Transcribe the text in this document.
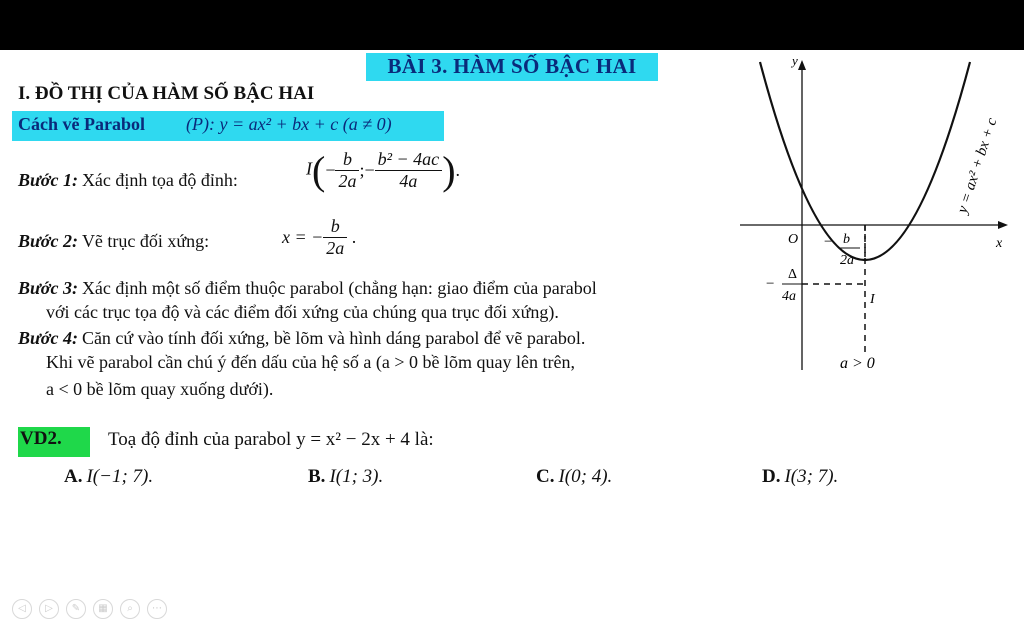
BÀI 3. HÀM SỐ BẬC HAI
I. ĐỒ THỊ CỦA HÀM SỐ BẬC HAI
Cách vẽ Parabol (P): y = ax² + bx + c (a ≠ 0)
Bước 1: Xác định tọa độ đỉnh:
$I(- \frac{b}{2a}$ ;− $\frac{\text{b² − 4ac}}{4a}$ ).
Bước 2: Vẽ trục đối xứng:	x = − $\frac{b}{2a}$ .
Bước 3: Xác định một số điểm thuộc parabol (chẳng hạn: giao điểm của parabol
với các trục tọa độ và các điểm đối xứng của chúng qua trục đối xứng).
Bước 4: Căn cứ vào tính đối xứng, bề lõm và hình dáng parabol để vẽ parabol.
Khi vẽ parabol cần chú ý đến dấu của hệ số a (a > 0 bề lõm quay lên trên,
a < 0 bề lõm quay xuống dưới).
y
x
O − b
2a
−
Δ
4a	I
y = ax² + bx + c
a > 0
VD2. Toạ độ đỉnh của parabol y = x² − 2x + 4 là:
A. I(−1; 7).	B. I(1; 3).	C. I(0; 4).	D. I(3; 7).
◁ ▷ ✎ ▦ ⌕ ⋯
